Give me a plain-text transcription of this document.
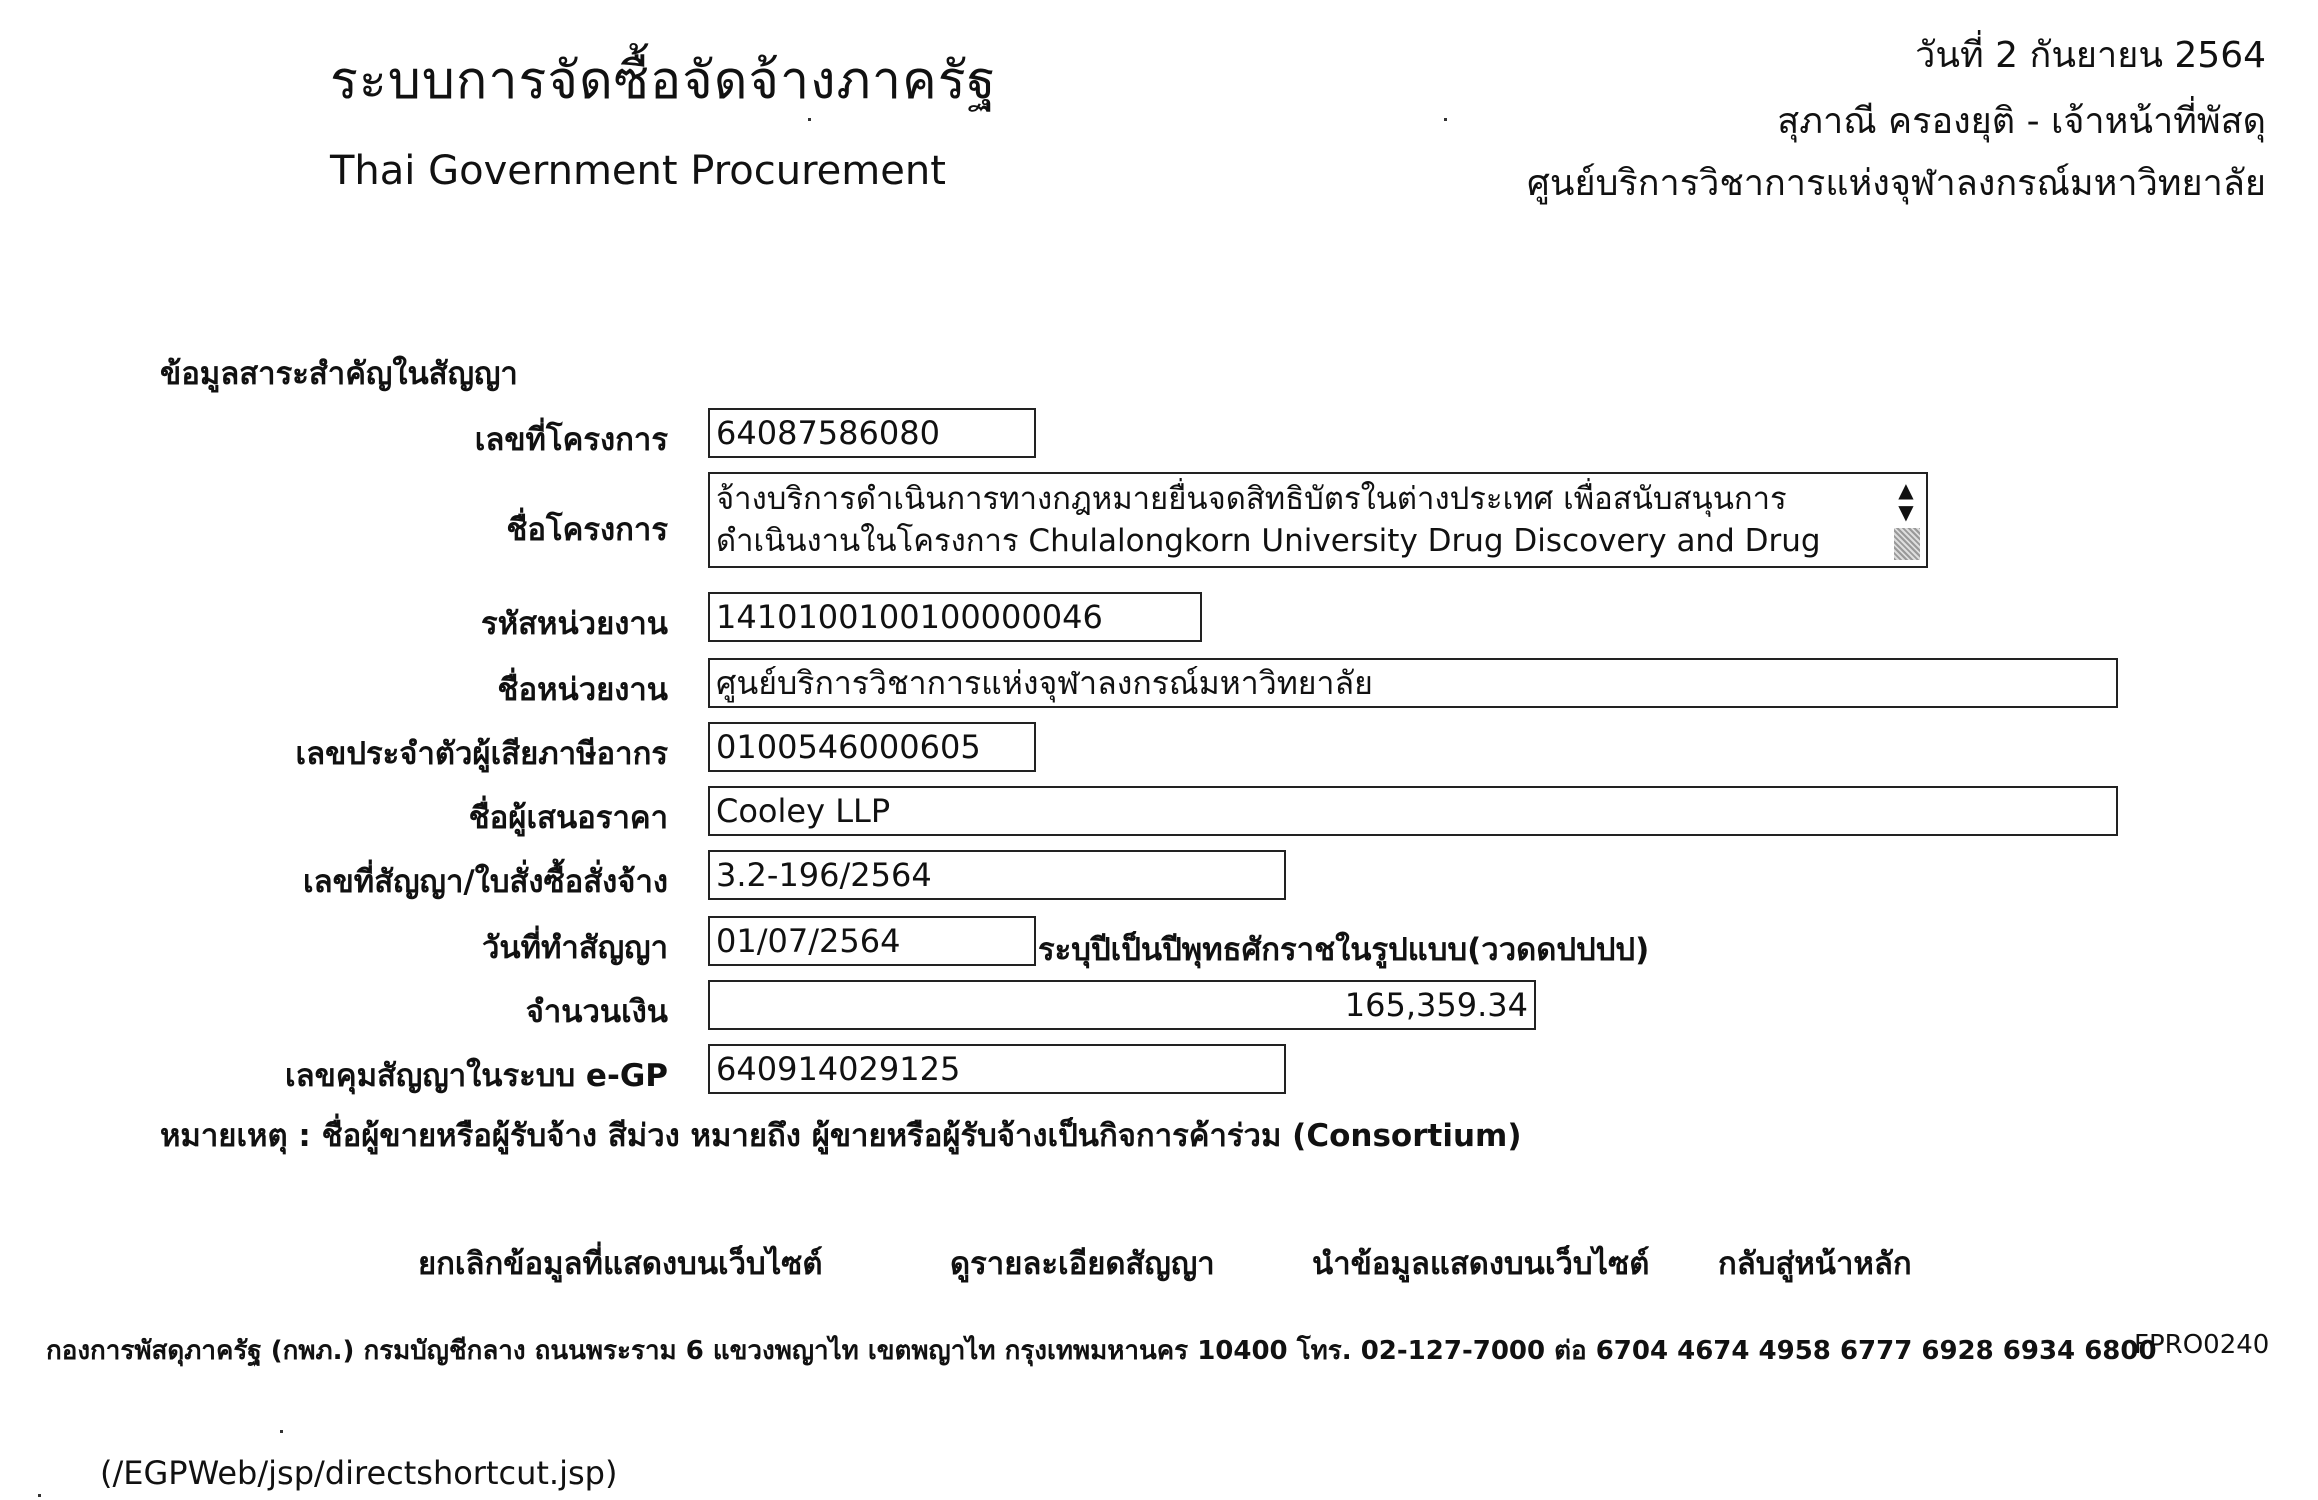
ระบบการจัดซื้อจัดจ้างภาครัฐ
Thai Government Procurement
วันที่ 2 กันยายน 2564
สุภาณี ครองยุติ - เจ้าหน้าที่พัสดุ
ศูนย์บริการวิชาการแห่งจุฬาลงกรณ์มหาวิทยาลัย
ข้อมูลสาระสำคัญในสัญญา
เลขที่โครงการ 64087586080
ชื่อโครงการ
จ้างบริการดำเนินการทางกฎหมายยื่นจดสิทธิบัตรในต่างประเทศ เพื่อสนับสนุนการ
ดำเนินงานในโครงการ Chulalongkorn University Drug Discovery and Drug
▲
▼
รหัสหน่วยงาน 1410100100100000046
ชื่อหน่วยงาน ศูนย์บริการวิชาการแห่งจุฬาลงกรณ์มหาวิทยาลัย
เลขประจำตัวผู้เสียภาษีอากร 0100546000605
ชื่อผู้เสนอราคา Cooley LLP
เลขที่สัญญา/ใบสั่งซื้อสั่งจ้าง 3.2-196/2564
วันที่ทำสัญญา 01/07/2564	ระบุปีเป็นปีพุทธศักราชในรูปแบบ(ววดดปปปป)
จำนวนเงิน	165,359.34
เลขคุมสัญญาในระบบ e-GP 640914029125
หมายเหตุ : ชื่อผู้ขายหรือผู้รับจ้าง สีม่วง หมายถึง ผู้ขายหรือผู้รับจ้างเป็นกิจการค้าร่วม (Consortium)
ยกเลิกข้อมูลที่แสดงบนเว็บไซต์	ดูรายละเอียดสัญญา	นำข้อมูลแสดงบนเว็บไซต์ กลับสู่หน้าหลัก
กองการพัสดุภาครัฐ (กพภ.) กรมบัญชีกลาง ถนนพระราม 6 แขวงพญาไท เขตพญาไท กรุงเทพมหานคร 10400 โทร. 02-127-7000 ต่อ 6704 4674 4958 6777 6928 6934 6800
FPRO0240
(/EGPWeb/jsp/directshortcut.jsp)
